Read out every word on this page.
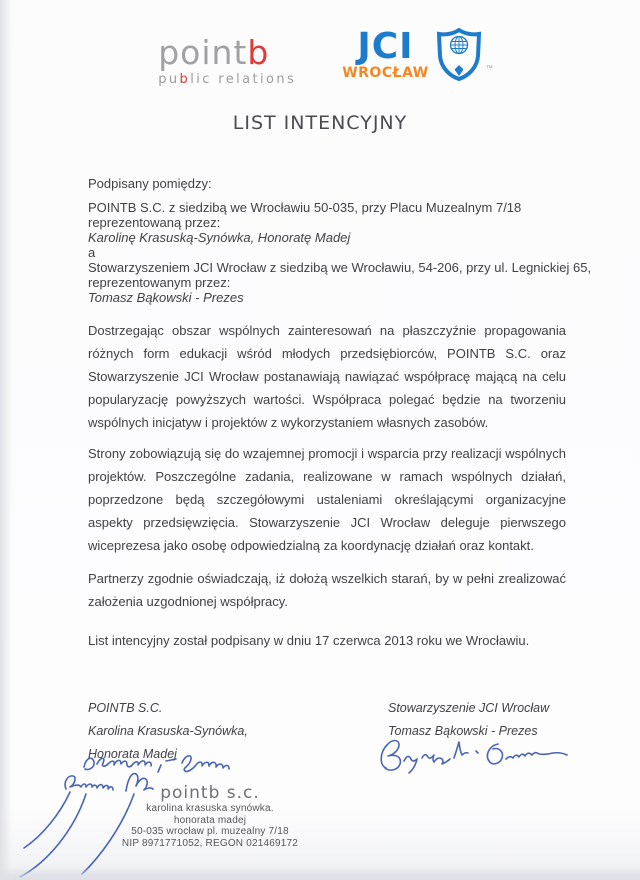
pointb
public relations
JCI
WROCŁAW	™
LIST INTENCYJNY
Podpisany pomiędzy:
POINTB S.C. z siedzibą we Wrocławiu 50-035, przy Placu Muzealnym 7/18
reprezentowaną przez:
Karolinę Krasuską-Synówka, Honoratę Madej
a
Stowarzyszeniem JCI Wrocław z siedzibą we Wrocławiu, 54-206, przy ul. Legnickiej 65,
reprezentowanym przez:
Tomasz Bąkowski - Prezes

Dostrzegając obszar wspólnych zainteresowań na płaszczyźnie propagowania różnych form edukacji wśród młodych przedsiębiorców, POINTB S.C. oraz Stowarzyszenie JCI Wrocław postanawiają nawiązać współpracę mającą na celu popularyzację powyższych wartości. Współpraca polegać będzie na tworzeniu wspólnych inicjatyw i projektów z wykorzystaniem własnych zasobów.

Strony zobowiązują się do wzajemnej promocji i wsparcia przy realizacji wspólnych projektów. Poszczególne zadania, realizowane w ramach wspólnych działań, poprzedzone będą szczegółowymi ustaleniami określającymi organizacyjne aspekty przedsięwzięcia. Stowarzyszenie JCI Wrocław deleguje pierwszego wiceprezesa jako osobę odpowiedzialną za koordynację działań oraz kontakt.

Partnerzy zgodnie oświadczają, iż dołożą wszelkich starań, by w pełni zrealizować założenia uzgodnionej współpracy.

List intencyjny został podpisany w dniu 17 czerwca 2013 roku we Wrocławiu.

POINTB S.C.
Karolina Krasuska-Synówka,
Honorata Madej
Stowarzyszenie JCI Wrocław
Tomasz Bąkowski - Prezes
pointb s.c.
karolina krasuska synówka.
honorata madej
50-035 wrocław pl. muzealny 7/18
NIP 8971771052, REGON 021469172
